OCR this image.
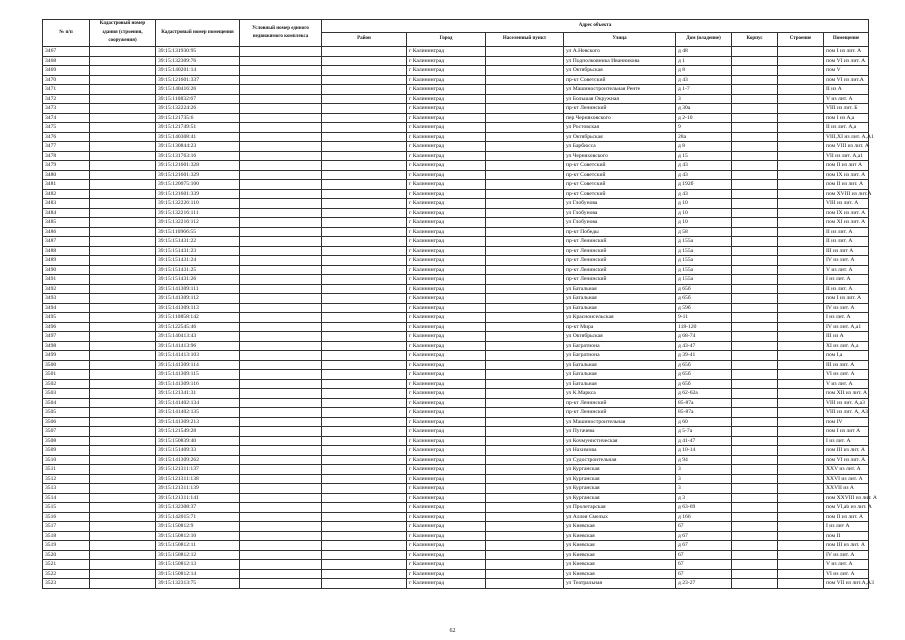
№ п/п	Кадастровый номер здания (строения, сооружения)	Кадастровый номер помещения	Условный номер единого недвижимого комплекса	Адрес объекта							
				Район	Город	Населенный пункт	Улица	Дом (владение)	Корпус	Строение	Помещение
3467		39:15:131930:95			г Калининград		ул А.Невского	д 48			пом I из лит. А
3468		39:15:132309:76			г Калининград		ул Подполковника Иванникова	д 1			пом VI из лит. А
3469		39:15:140201:14			г Калининград		ул Октябрьская	д 8			пом V
3470		39:15:121601:337			г Калининград		пр-кт Советский	д 43			пом VI из лит.А
3471		39:15:140416:26			г Калининград		ул Машиностроительная Ренте	д 1-7			II из А
3472		39:15:110832:67			г Калининград		ул Большая Окружная	3			V из лит. А
3473		39:15:132224:26			г Калининград		пр-кт Ленинский	д 30а			VIII из лит. Б
3474		39:15:121735:6			г Калининград		пер Черняховского	д 2-10			пом I из А,а
3475		39:15:121749:51			г Калининград		ул Ростовская	9			II из лит. А,а
3476		39:15:140308:41			г Калининград		ул Октябрьская	28а			VIII,XI из лит. А,А1
3477		39:15:130844:23			г Калининград		ул Барбюсса	д 8			пом VIII из лит. А
3478		39:15:131763:16			г Калининград		ул Черняховского	д 15			VII из лит. А,а1
3479		39:15:121601:328			г Калининград		пр-кт Советский	д 43			пом II из лит А
3480		39:15:121601:329			г Калининград		пр-кт Советский	д 43			пом IX из лит. А
3481		39:15:120075:100			г Калининград		пр-кт Советский	д 192б			пом II из лит. А
3482		39:15:121601:339			г Калининград		пр-кт Советский	д 43			пом XVIII из лит.А
3483		39:15:132226:110			г Калининград		ул Глобунова	д 10			VIII из лит. А
3484		39:15:132216:111			г Калининград		ул Глобунова	д 10			пом IX из лит. А
3485		39:15:132216:112			г Калининград		ул Глобунова	д 10			пом XI из лит. А
3486		39:15:110966:55			г Калининград		пр-кт Победы	д 58			II из лит. А
3487		39:15:151431:22			г Калининград		пр-кт Ленинский	д 155а			II из лит. А
3488		39:15:151431:23			г Калининград		пр-кт Ленинский	д 155а			III из лит А
3489		39:15:151431:24			г Калининград		пр-кт Ленинский	д 155а			IV из лит. А
3490		39:15:151431:25			г Калининград		пр-кт Ленинский	д 155а			V из лит. А
3491		39:15:151431:26			г Калининград		пр-кт Ленинский	д 155а			I из лит. А
3492		39:15:141309:111			г Калининград		ул Батальная	д 65б			II из лит. А
3493		39:15:141309:112			г Калининград		ул Батальная	д 65б			пом I из лит. А
3494		39:15:141309:113			г Калининград		ул Батальная	д 59б			IV из лит. А
3495		39:15:110858:142			г Калининград		ул Красноисельская	9-11			I из лит. А
3496		39:15:122545:46			г Калининград		пр-кт Мира	118-120			IV из лит. А,а1
3497		39:15:140413:43			г Калининград		ул Октябрьская	д 68-74			III из А
3498		39:15:141413:96			г Калининград		ул Багратиона	д 43-47			XI из лит. А,а
3499		39:15:141413:103			г Калининград		ул Багратиона	д 39-41			пом I,а
3500		39:15:141309:114			г Калининград		ул Батальная	д 65б			III из лит. А
3501		39:15:141309:115			г Калининград		ул Батальная	д 65б			VI из лит. А
3502		39:15:141309:116			г Калининград		ул Батальная	д 65б			V из лит. А
3503		39:15:121341:31			г Калининград		ул К.Маркса	д 62-62а			пом XII из лит. А
3504		39:15:141402:134			г Калининград		пр-кт Ленинский	85-87а			VIII из лит. А,а3
3505		39:15:141402:135			г Калининград		пр-кт Ленинский	85-87а			VIII из лит. А, А3
3506		39:15:141309:213			г Калининград		ул Машиностроительная	д 60			пом IV
3507		39:15:121549:28			г Калининград		ул Пугачева	д 5-7а			пом I из лит А
3508		39:15:150839:40			г Калининград		ул Кочмунистическая	д 41-47			I из лит. А
3509		39:15:151409:33			г Калининград		ул Нахимова	д 10-14			пом III из лит. А
3510		39:15:141309:262			г Калининград		ул Судостроительная	д 94			пом VI из лит. А
3511		39:15:121311:137			г Калининград		ул Курганская	3			XXV из лит. А
3512		39:15:121311:138			г Калининград		ул Курганская	3			XXVI из лит. А
3513		39:15:121311:139			г Калининград		ул Курганская	3			XXVII из А
3514		39:15:121311:141			г Калининград		ул Курганская	д 3			пом XXVIII из лит. А
3515		39:15:132308:37			г Калининград		ул Пролетарская	д 63-69			пом VI,ab из лит. А
3516		39:15:142015:71			г Калининград		ул Аллея Смелых	д 166			пом II из лит. А
3517		39:15:150812:9			г Калининград		ул Киевская	67			I из лит А
3518		39:15:150812:10			г Калининград		ул Киевская	д 67			пом II
3519		39:15:150812:11			г Калининград		ул Киевская	д 67			пом III из лит. А
3520		39:15:150812:12			г Калининград		ул Киевская	67			IV из лит. А
3521		39:15:150812:13			г Калининград		ул Киевская	67			V из лит. А
3522		39:15:150812:14			г Калининград		ул Киевская	67			VI из лит. А
3523		39:15:132313:75			г Калининград		ул Театральная	д 23-27			пом VII из лит.А,А3
62
